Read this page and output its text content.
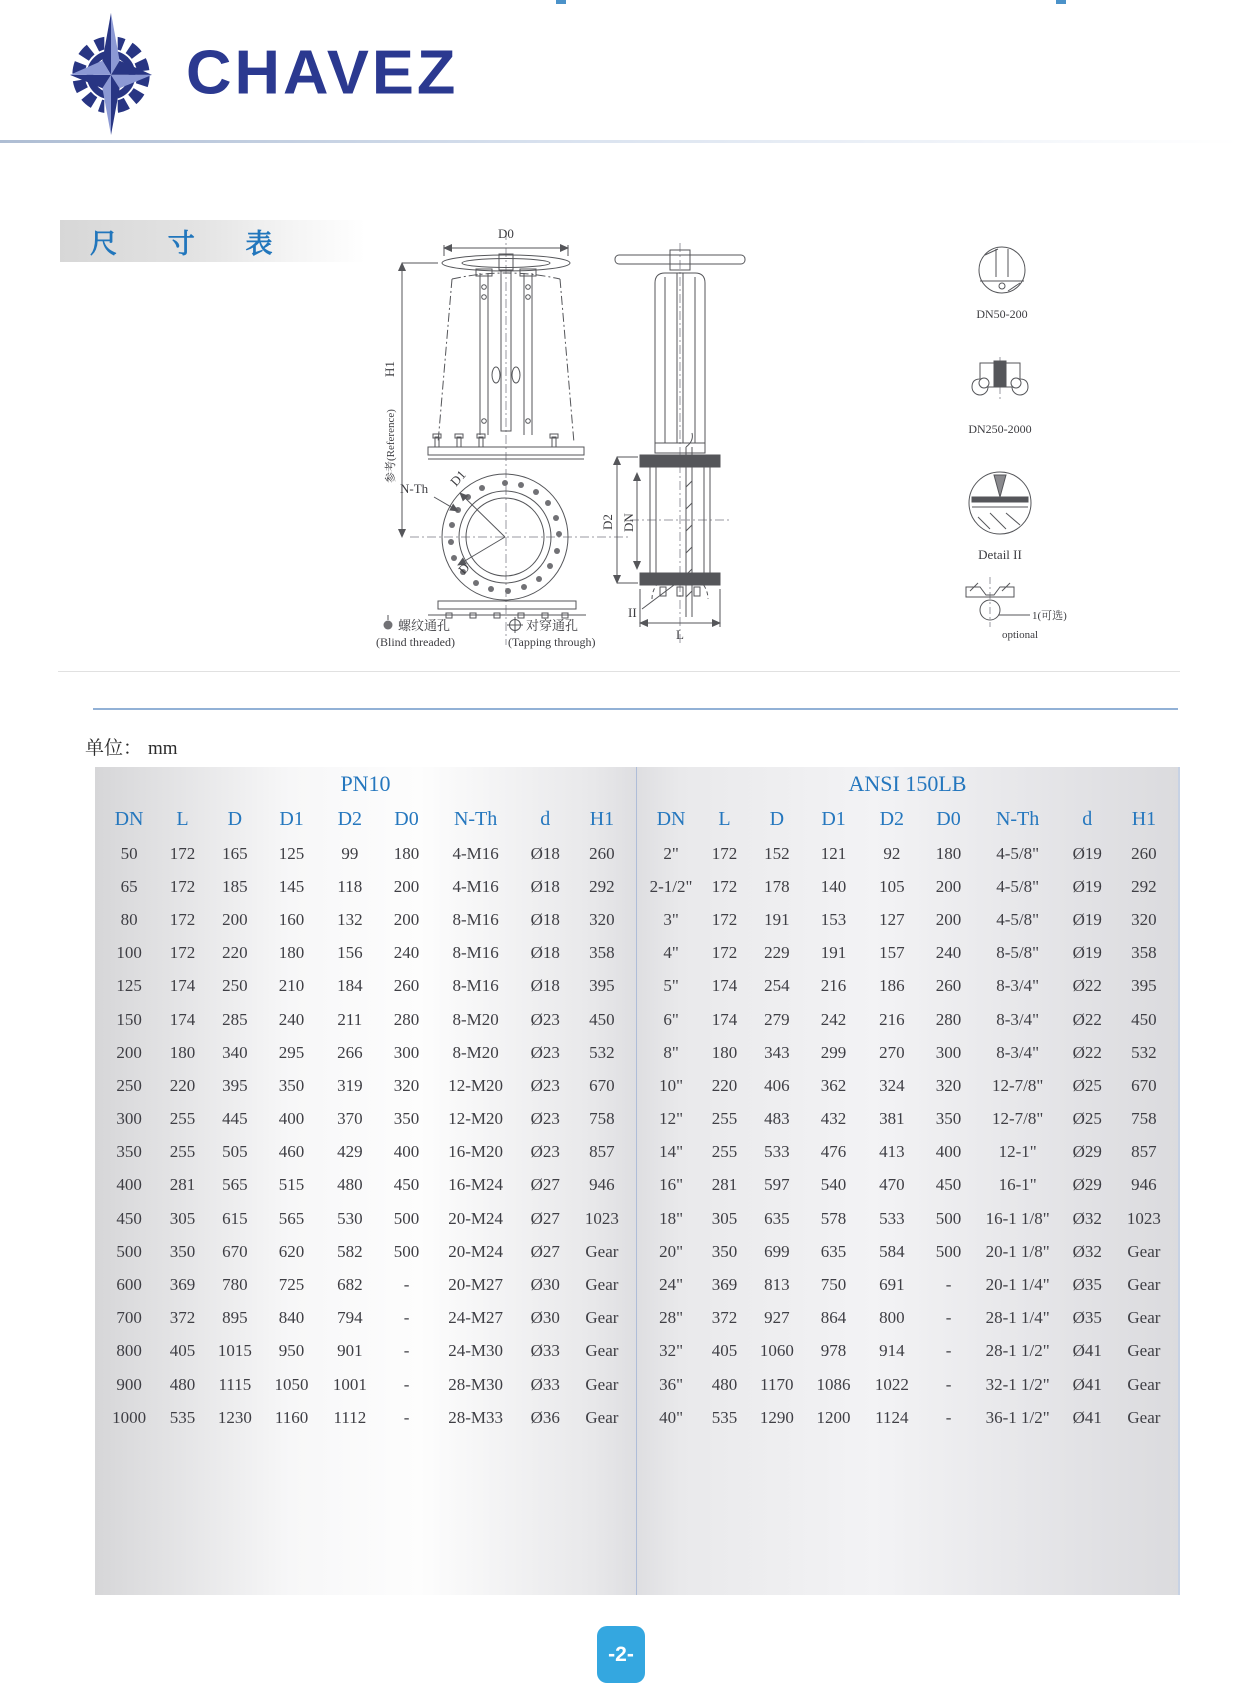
CHAVEZ
尺 寸 表	D0
H1
参考(Reference)
N-Th D1
D
D2 DN
II
L
DN50-200
DN250-2000
Detail II
1(可选)
optional
螺纹通孔
(Blind threaded)
对穿通孔
(Tapping through)
单位： mm
PN10
DN	L	D	D1	D2	D0	N-Th	d	H1
50	172	165	125	99	180	4-M16	Ø18	260
65	172	185	145	118	200	4-M16	Ø18	292
80	172	200	160	132	200	8-M16	Ø18	320
100	172	220	180	156	240	8-M16	Ø18	358
125	174	250	210	184	260	8-M16	Ø18	395
150	174	285	240	211	280	8-M20	Ø23	450
200	180	340	295	266	300	8-M20	Ø23	532
250	220	395	350	319	320	12-M20	Ø23	670
300	255	445	400	370	350	12-M20	Ø23	758
350	255	505	460	429	400	16-M20	Ø23	857
400	281	565	515	480	450	16-M24	Ø27	946
450	305	615	565	530	500	20-M24	Ø27	1023
500	350	670	620	582	500	20-M24	Ø27	Gear
600	369	780	725	682	-	20-M27	Ø30	Gear
700	372	895	840	794	-	24-M27	Ø30	Gear
800	405	1015	950	901	-	24-M30	Ø33	Gear
900	480	1115	1050	1001	-	28-M30	Ø33	Gear
1000	535	1230	1160	1112	-	28-M33	Ø36	Gear
ANSI 150LB
DN	L	D	D1	D2	D0	N-Th	d	H1
2"	172	152	121	92	180	4-5/8"	Ø19	260
2-1/2"	172	178	140	105	200	4-5/8"	Ø19	292
3"	172	191	153	127	200	4-5/8"	Ø19	320
4"	172	229	191	157	240	8-5/8"	Ø19	358
5"	174	254	216	186	260	8-3/4"	Ø22	395
6"	174	279	242	216	280	8-3/4"	Ø22	450
8"	180	343	299	270	300	8-3/4"	Ø22	532
10"	220	406	362	324	320	12-7/8"	Ø25	670
12"	255	483	432	381	350	12-7/8"	Ø25	758
14"	255	533	476	413	400	12-1"	Ø29	857
16"	281	597	540	470	450	16-1"	Ø29	946
18"	305	635	578	533	500	16-1 1/8"	Ø32	1023
20"	350	699	635	584	500	20-1 1/8"	Ø32	Gear
24"	369	813	750	691	-	20-1 1/4"	Ø35	Gear
28"	372	927	864	800	-	28-1 1/4"	Ø35	Gear
32"	405	1060	978	914	-	28-1 1/2"	Ø41	Gear
36"	480	1170	1086	1022	-	32-1 1/2"	Ø41	Gear
40"	535	1290	1200	1124	-	36-1 1/2"	Ø41	Gear
-2-
